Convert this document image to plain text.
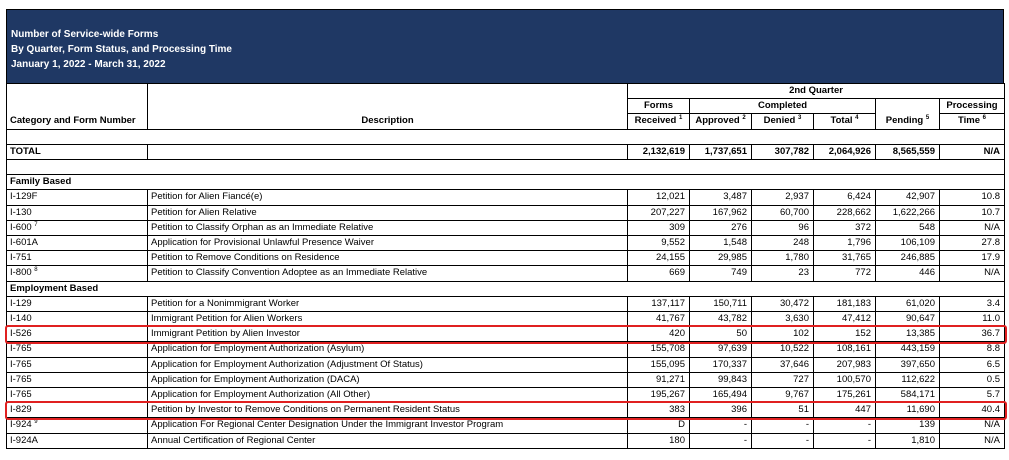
Number of Service-wide Forms
By Quarter, Form Status, and Processing Time
January 1, 2022 - March 31, 2022
Category and Form Number	Description	2nd Quarter					
		Forms	Completed				Processing
		Received $^1$	Approved $^2$	Denied $^3$	Total $^4$	Pending $^5$	Time $^6$

TOTAL		2,132,619	1,737,651	307,782	2,064,926	8,565,559	N/A

Family Based							
I-129F	Petition for Alien Fiancé(e)	12,021	3,487	2,937	6,424	42,907	10.8
I-130	Petition for Alien Relative	207,227	167,962	60,700	228,662	1,622,266	10.7
I-600 $^7$	Petition to Classify Orphan as an Immediate Relative	309	276	96	372	548	N/A
I-601A	Application for Provisional Unlawful Presence Waiver	9,552	1,548	248	1,796	106,109	27.8
I-751	Petition to Remove Conditions on Residence	24,155	29,985	1,780	31,765	246,885	17.9
I-800 $^8$	Petition to Classify Convention Adoptee as an Immediate Relative	669	749	23	772	446	N/A
Employment Based							
I-129	Petition for a Nonimmigrant Worker	137,117	150,711	30,472	181,183	61,020	3.4
I-140	Immigrant Petition for Alien Workers	41,767	43,782	3,630	47,412	90,647	11.0
I-526	Immigrant Petition by Alien Investor	420	50	102	152	13,385	36.7
I-765	Application for Employment Authorization (Asylum)	155,708	97,639	10,522	108,161	443,159	8.8
I-765	Application for Employment Authorization (Adjustment Of Status)	155,095	170,337	37,646	207,983	397,650	6.5
I-765	Application for Employment Authorization (DACA)	91,271	99,843	727	100,570	112,622	0.5
I-765	Application for Employment Authorization (All Other)	195,267	165,494	9,767	175,261	584,171	5.7
I-829	Petition by Investor to Remove Conditions on Permanent Resident Status	383	396	51	447	11,690	40.4
I-924 $^9$	Application For Regional Center Designation Under the Immigrant Investor Program	D	-	-	-	139	N/A
I-924A	Annual Certification of Regional Center	180	-	-	-	1,810	N/A
